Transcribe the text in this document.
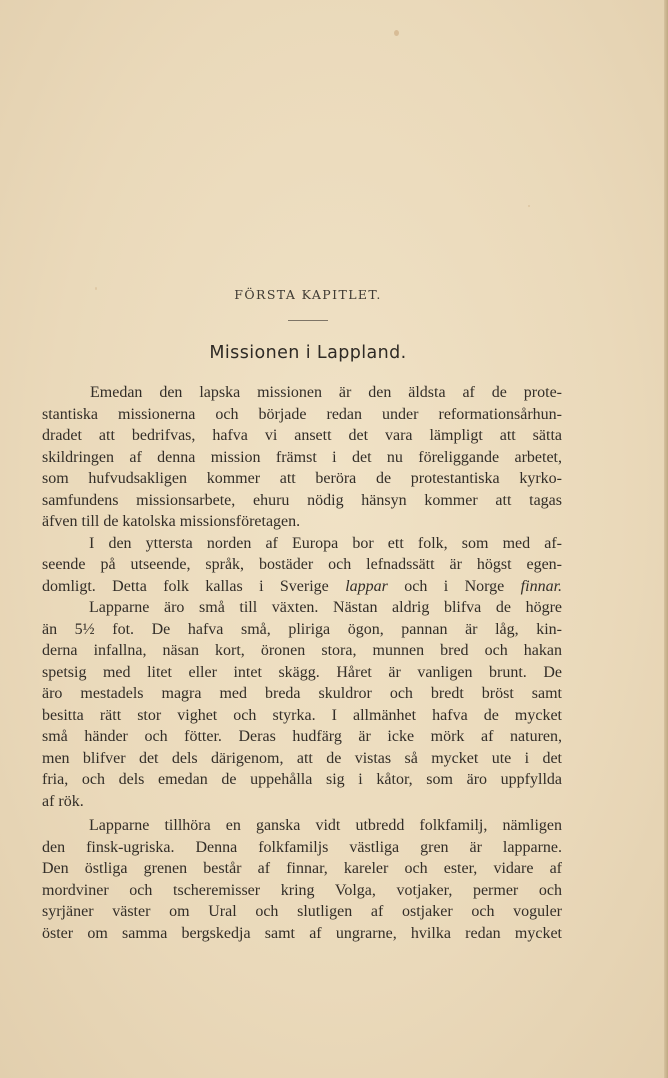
FÖRSTA KAPITLET.
Missionen i Lappland.
Emedan den lapska missionen är den äldsta af de prote-
stantiska missionerna och började redan under reformationsårhun-
dradet att bedrifvas, hafva vi ansett det vara lämpligt att sätta
skildringen af denna mission främst i det nu föreliggande arbetet,
som hufvudsakligen kommer att beröra de protestantiska kyrko-
samfundens missionsarbete, ehuru nödig hänsyn kommer att tagas
äfven till de katolska missionsföretagen.
I den yttersta norden af Europa bor ett folk, som med af-
seende på utseende, språk, bostäder och lefnadssätt är högst egen-
domligt. Detta folk kallas i Sverige lappar och i Norge finnar.
Lapparne äro små till växten. Nästan aldrig blifva de högre
än 5½ fot. De hafva små, pliriga ögon, pannan är låg, kin-
derna infallna, näsan kort, öronen stora, munnen bred och hakan
spetsig med litet eller intet skägg. Håret är vanligen brunt. De
äro mestadels magra med breda skuldror och bredt bröst samt
besitta rätt stor vighet och styrka. I allmänhet hafva de mycket
små händer och fötter. Deras hudfärg är icke mörk af naturen,
men blifver det dels därigenom, att de vistas så mycket ute i det
fria, och dels emedan de uppehålla sig i kåtor, som äro uppfyllda
af rök.
Lapparne tillhöra en ganska vidt utbredd folkfamilj, nämligen
den finsk-ugriska. Denna folkfamiljs västliga gren är lapparne.
Den östliga grenen består af finnar, kareler och ester, vidare af
mordviner och tscheremisser kring Volga, votjaker, permer och
syrjäner väster om Ural och slutligen af ostjaker och voguler
öster om samma bergskedja samt af ungrarne, hvilka redan mycket
